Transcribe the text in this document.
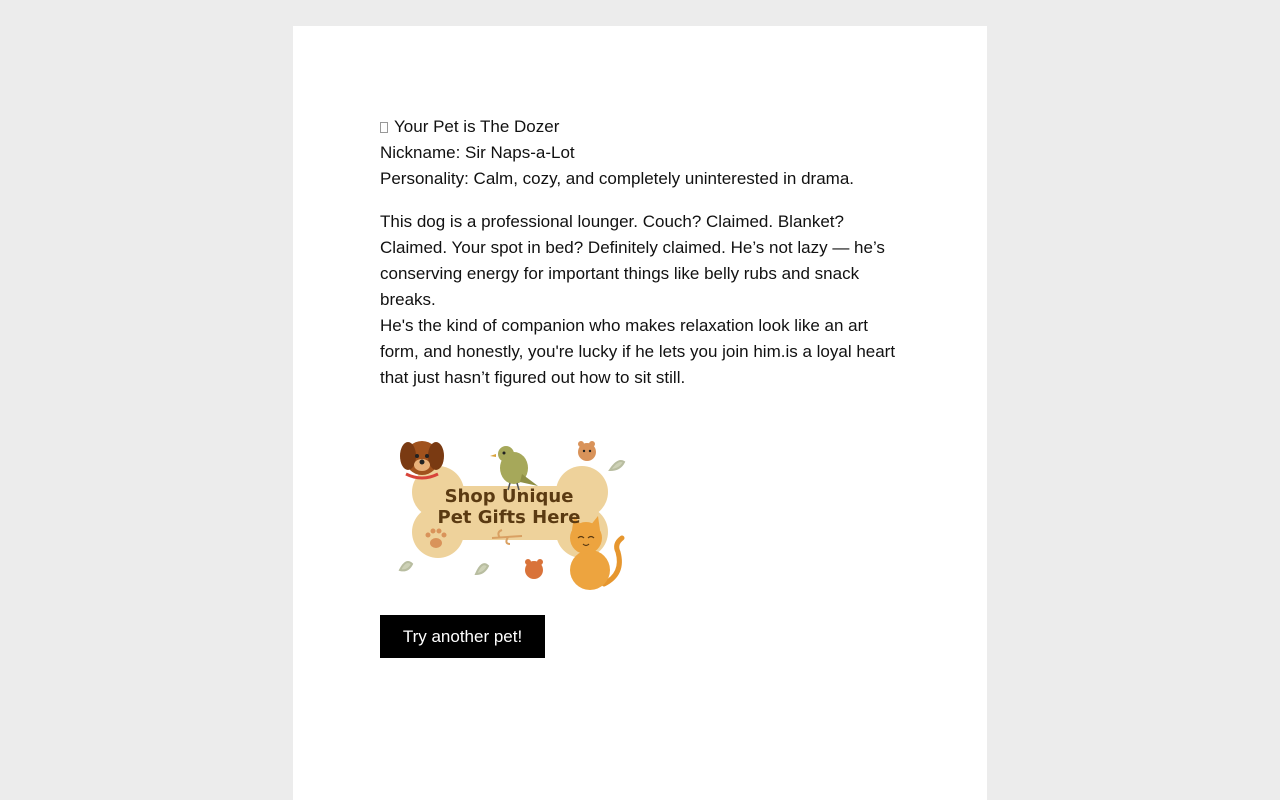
Your Pet is The Dozer
Nickname: Sir Naps-a-Lot
Personality: Calm, cozy, and completely uninterested in drama.
This dog is a professional lounger. Couch? Claimed. Blanket? Claimed. Your spot in bed? Definitely claimed. He’s not lazy — he’s conserving energy for important things like belly rubs and snack breaks.
He's the kind of companion who makes relaxation look like an art form, and honestly, you're lucky if he lets you join him.is a loyal heart that just hasn’t figured out how to sit still.
Shop Unique
Pet Gifts Here
Try another pet!
